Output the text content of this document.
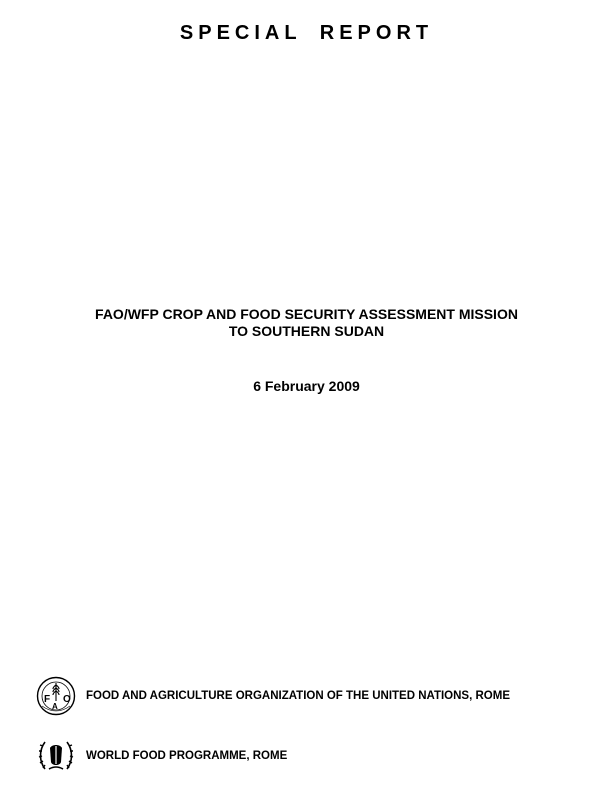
SPECIAL REPORT
FAO/WFP CROP AND FOOD SECURITY ASSESSMENT MISSION
TO SOUTHERN SUDAN
6 February 2009
F O
A
FOOD AND AGRICULTURE ORGANIZATION OF THE UNITED NATIONS, ROME
WORLD FOOD PROGRAMME, ROME
